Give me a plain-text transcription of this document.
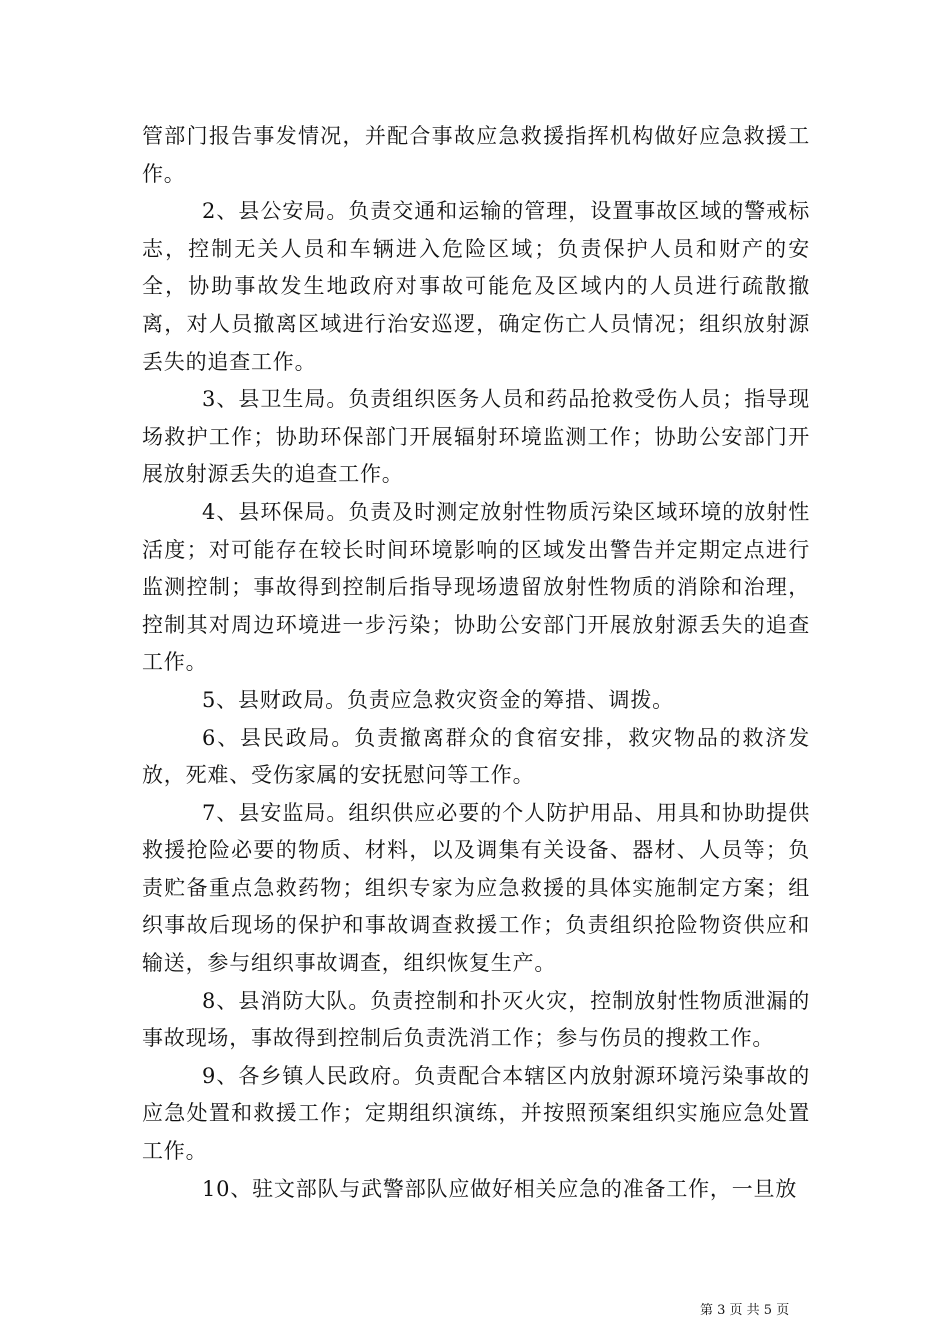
管部门报告事发情况，并配合事故应急救援指挥机构做好应急救援工作。

2、县公安局。负责交通和运输的管理，设置事故区域的警戒标志，控制无关人员和车辆进入危险区域；负责保护人员和财产的安全，协助事故发生地政府对事故可能危及区域内的人员进行疏散撤离，对人员撤离区域进行治安巡逻，确定伤亡人员情况；组织放射源丢失的追查工作。

3、县卫生局。负责组织医务人员和药品抢救受伤人员；指导现场救护工作；协助环保部门开展辐射环境监测工作；协助公安部门开展放射源丢失的追查工作。

4、县环保局。负责及时测定放射性物质污染区域环境的放射性活度；对可能存在较长时间环境影响的区域发出警告并定期定点进行监测控制；事故得到控制后指导现场遗留放射性物质的消除和治理，控制其对周边环境进一步污染；协助公安部门开展放射源丢失的追查工作。

5、县财政局。负责应急救灾资金的筹措、调拨。

6、县民政局。负责撤离群众的食宿安排，救灾物品的救济发放，死难、受伤家属的安抚慰问等工作。

7、县安监局。组织供应必要的个人防护用品、用具和协助提供救援抢险必要的物质、材料，以及调集有关设备、器材、人员等；负责贮备重点急救药物；组织专家为应急救援的具体实施制定方案；组织事故后现场的保护和事故调查救援工作；负责组织抢险物资供应和输送，参与组织事故调查，组织恢复生产。

8、县消防大队。负责控制和扑灭火灾，控制放射性物质泄漏的事故现场，事故得到控制后负责洗消工作；参与伤员的搜救工作。

9、各乡镇人民政府。负责配合本辖区内放射源环境污染事故的应急处置和救援工作；定期组织演练，并按照预案组织实施应急处置工作。

10、驻文部队与武警部队应做好相关应急的准备工作，一旦放

第 3 页 共 5 页
